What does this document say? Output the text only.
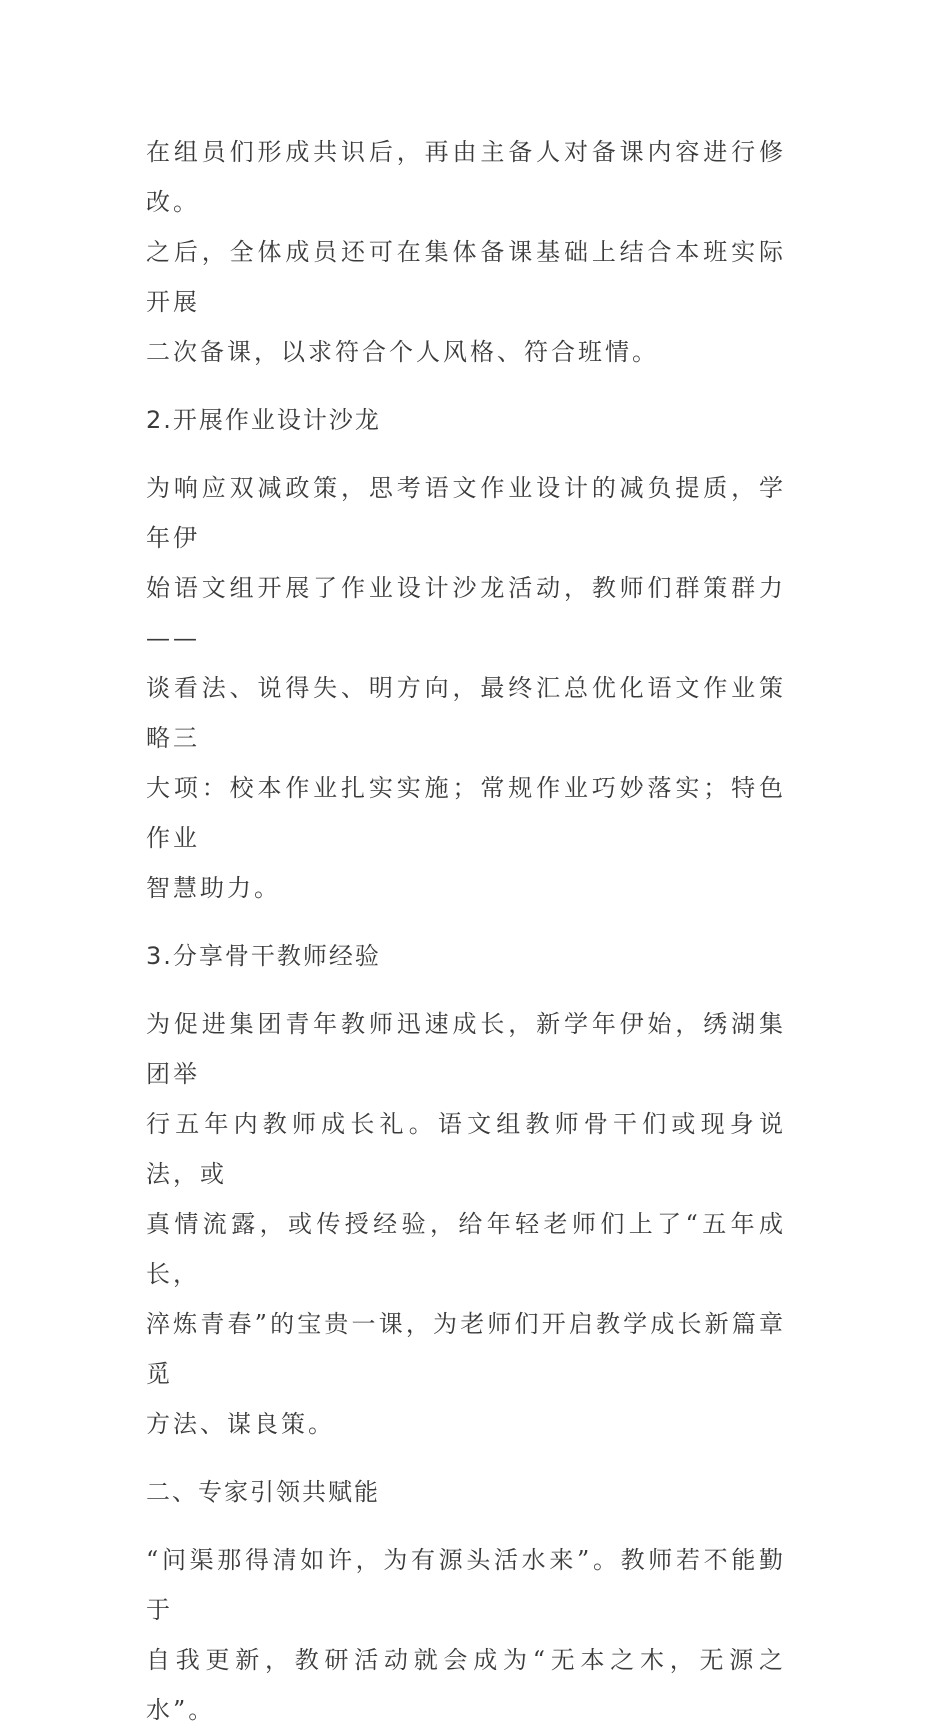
在组员们形成共识后，再由主备人对备课内容进行修改。
之后，全体成员还可在集体备课基础上结合本班实际开展
二次备课，以求符合个人风格、符合班情。

2.开展作业设计沙龙

为响应双减政策，思考语文作业设计的减负提质，学年伊
始语文组开展了作业设计沙龙活动，教师们群策群力——
谈看法、说得失、明方向，最终汇总优化语文作业策略三
大项：校本作业扎实实施；常规作业巧妙落实；特色作业
智慧助力。

3.分享骨干教师经验

为促进集团青年教师迅速成长，新学年伊始，绣湖集团举
行五年内教师成长礼。语文组教师骨干们或现身说法，或
真情流露，或传授经验，给年轻老师们上了“五年成长，
淬炼青春”的宝贵一课，为老师们开启教学成长新篇章觅
方法、谋良策。

二、专家引领共赋能

“问渠那得清如许，为有源头活水来”。教师若不能勤于
自我更新，教研活动就会成为“无本之木，无源之水”。
